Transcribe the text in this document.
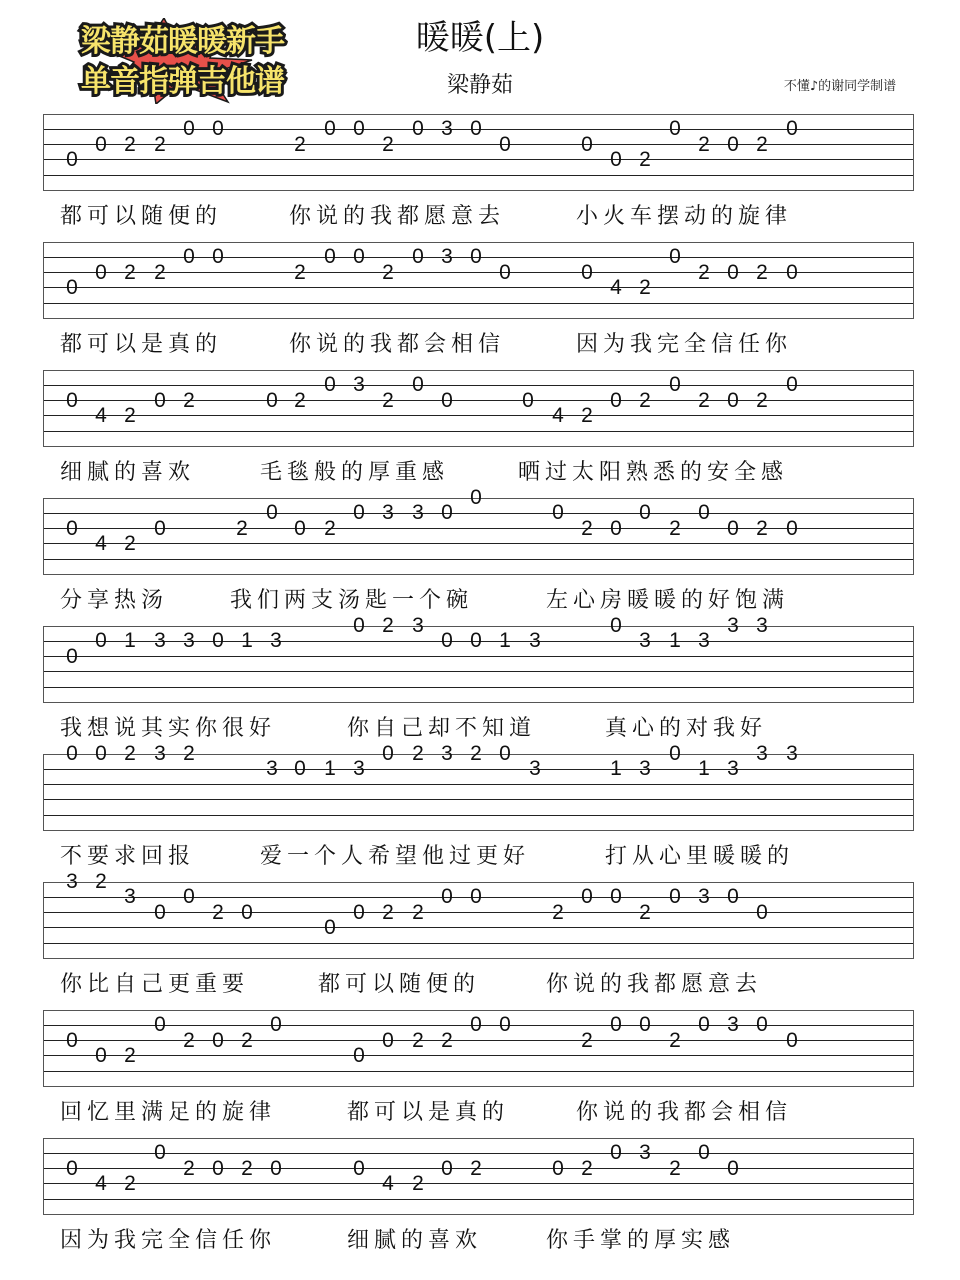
梁静茹暖暖新手
单音指弹吉他谱
暖暖(上)
梁静茹	不懂♪的谢同学制谱
0
0 2 2
0 0
2
0 0
2
0 3 0
0	0
0 2
0
2 0 2
0
都可以随便的	你说的我都愿意去	小火车摆动的旋律
0
0 2 2
0 0
2
0 0
2
0 3 0
0	0
4 2
0
2 0 2 0
都可以是真的	你说的我都会相信	因为我完全信任你
0
4 2
0 2	0 2
0 3
2
0
0	0
4 2
0 2
0
2 0 2
0
细腻的喜欢	毛毯般的厚重感	晒过太阳熟悉的安全感
0
4 2
0	2
0
0 2
0 3 3 0
0
0
2 0
0
2
0
0 2 0
分享热汤	我们两支汤匙一个碗	左心房暖暖的好饱满
0
0 1 3 3 0 1 3
0 2 3
0 0 1 3
0
3 1 3
3 3
我想说其实你很好	你自己却不知道	真心的对我好
0 0 2 3 2
3 0 1 3
0 2 3 2 0
3	1 3
0
1 3
3 3
不要求回报	爱一个人希望他过更好	打从心里暖暖的
3 2
3
0
0
2 0
0
0 2 2
0 0
2
0 0
2
0 3 0
0
你比自己更重要	都可以随便的	你说的我都愿意去
0
0 2
0
2 0 2
0
0
0 2 2
0 0
2
0 0
2
0 3 0
0
回忆里满足的旋律	都可以是真的	你说的我都会相信
0
4 2
0
2 0 2 0	0
4 2
0 2	0 2
0 3
2
0
0
因为我完全信任你	细腻的喜欢	你手掌的厚实感
